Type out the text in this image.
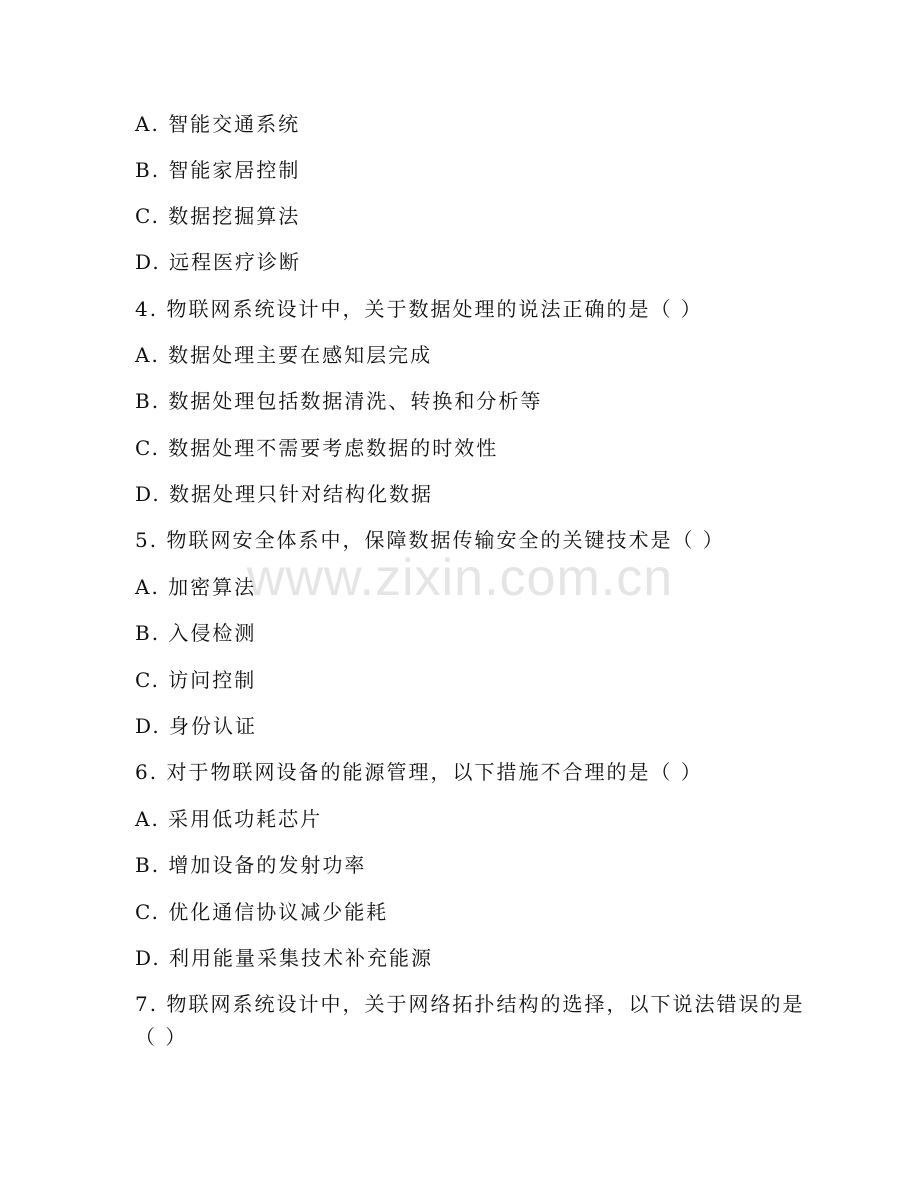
A. 智能交通系统
B. 智能家居控制
C. 数据挖掘算法
D. 远程医疗诊断
4. 物联网系统设计中，关于数据处理的说法正确的是（ ）
A. 数据处理主要在感知层完成
B. 数据处理包括数据清洗、转换和分析等
C. 数据处理不需要考虑数据的时效性
D. 数据处理只针对结构化数据
5. 物联网安全体系中，保障数据传输安全的关键技术是（ ）
A. 加密算法
B. 入侵检测
C. 访问控制
D. 身份认证
6. 对于物联网设备的能源管理，以下措施不合理的是（ ）
A. 采用低功耗芯片
B. 增加设备的发射功率
C. 优化通信协议减少能耗
D. 利用能量采集技术补充能源
7. 物联网系统设计中，关于网络拓扑结构的选择，以下说法错误的是
（ ）
www.zixin.com.cn
